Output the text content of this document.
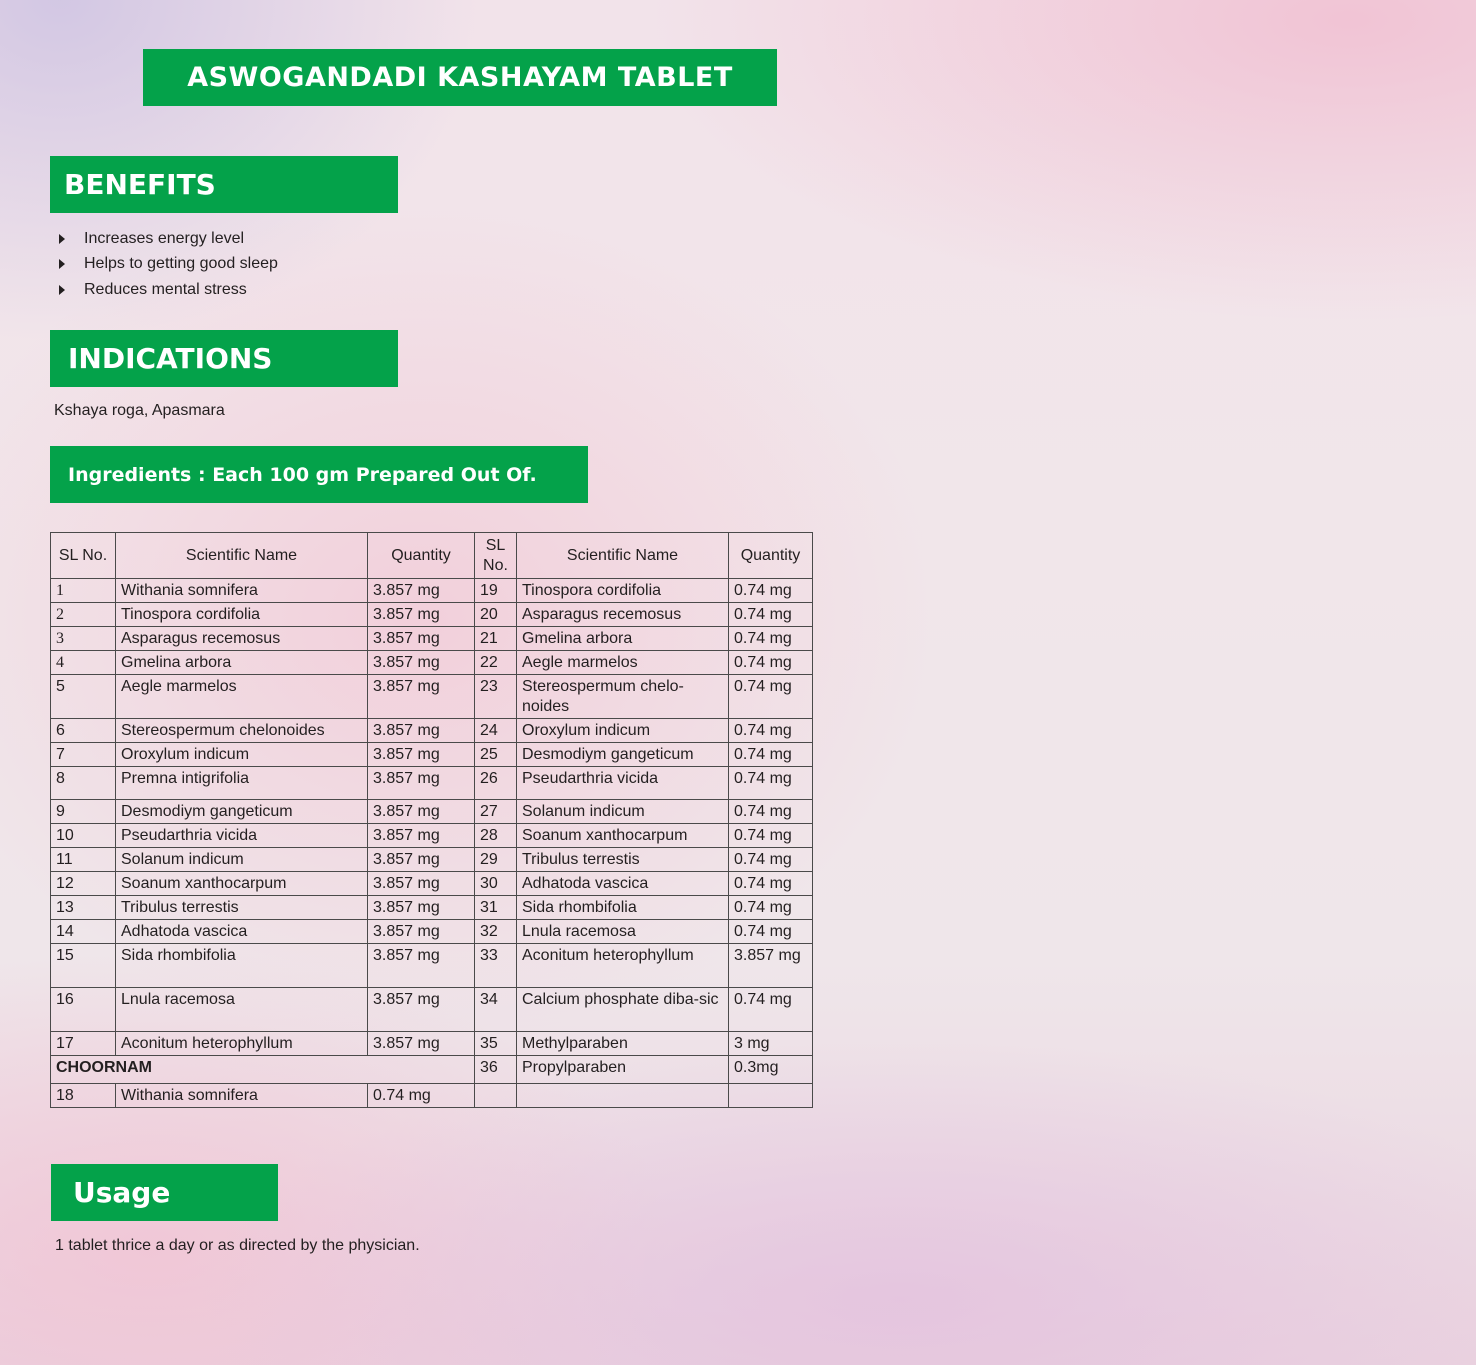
ASWOGANDADI KASHAYAM TABLET
BENEFITS
Increases energy level
Helps to getting good sleep
Reduces mental stress
INDICATIONS
Kshaya roga, Apasmara
Ingredients : Each 100 gm Prepared Out Of.
SL No.	Scientific Name	Quantity	SL No.	Scientific Name	Quantity
1	Withania somnifera	3.857 mg	19	Tinospora cordifolia	0.74 mg
2	Tinospora cordifolia	3.857 mg	20	Asparagus recemosus	0.74 mg
3	Asparagus recemosus	3.857 mg	21	Gmelina arbora	0.74 mg
4	Gmelina arbora	3.857 mg	22	Aegle marmelos	0.74 mg
5	Aegle marmelos	3.857 mg	23	Stereospermum chelo-noides	0.74 mg
6	Stereospermum chelonoides	3.857 mg	24	Oroxylum indicum	0.74 mg
7	Oroxylum indicum	3.857 mg	25	Desmodiym gangeticum	0.74 mg
8	Premna intigrifolia	3.857 mg	26	Pseudarthria vicida	0.74 mg
9	Desmodiym gangeticum	3.857 mg	27	Solanum indicum	0.74 mg
10	Pseudarthria vicida	3.857 mg	28	Soanum xanthocarpum	0.74 mg
11	Solanum indicum	3.857 mg	29	Tribulus terrestis	0.74 mg
12	Soanum xanthocarpum	3.857 mg	30	Adhatoda vascica	0.74 mg
13	Tribulus terrestis	3.857 mg	31	Sida rhombifolia	0.74 mg
14	Adhatoda vascica	3.857 mg	32	Lnula racemosa	0.74 mg
15	Sida rhombifolia	3.857 mg	33	Aconitum heterophyllum	3.857 mg
16	Lnula racemosa	3.857 mg	34	Calcium phosphate diba-sic	0.74 mg
17	Aconitum heterophyllum	3.857 mg	35	Methylparaben	3 mg
CHOORNAM			36	Propylparaben	0.3mg
18	Withania somnifera	0.74 mg			
Usage
1 tablet thrice a day or as directed by the physician.
